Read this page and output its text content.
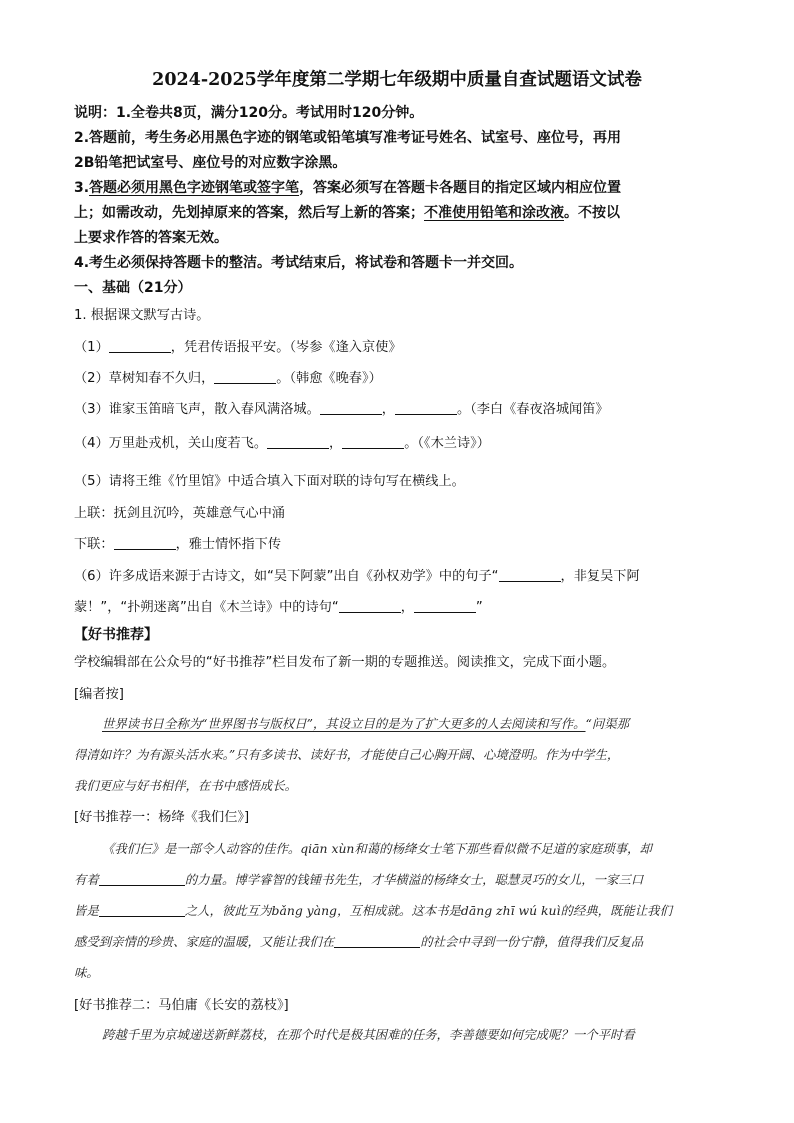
2024-2025学年度第二学期七年级期中质量自查试题语文试卷
说明：1.全卷共8页，满分120分。考试用时120分钟。
2.答题前，考生务必用黑色字迹的钢笔或铅笔填写准考证号姓名、试室号、座位号，再用
2B铅笔把试室号、座位号的对应数字涂黑。
3.答题必须用黑色字迹钢笔或签字笔，答案必须写在答题卡各题目的指定区域内相应位置
上；如需改动，先划掉原来的答案，然后写上新的答案；不准使用铅笔和涂改液。不按以
上要求作答的答案无效。
4.考生必须保持答题卡的整洁。考试结束后，将试卷和答题卡一并交回。
一、基础（21分）
1. 根据课文默写古诗。
（1）	，凭君传语报平安。（岑参《逢入京使》
（2）草树知春不久归，	。（韩愈《晚春》）
（3）谁家玉笛暗飞声，散入春风满洛城。	，	。（李白《春夜洛城闻笛》
（4）万里赴戎机，关山度若飞。	，	。（《木兰诗》）
（5）请将王维《竹里馆》中适合填入下面对联的诗句写在横线上。
上联：抚剑且沉吟，英雄意气心中涌
下联：	，雅士情怀指下传
（6）许多成语来源于古诗文，如“吴下阿蒙”出自《孙权劝学》中的句子“	，非复吴下阿
蒙！”，“扑朔迷离”出自《木兰诗》中的诗句“	，	”
【好书推荐】
学校编辑部在公众号的“好书推荐”栏目发布了新一期的专题推送。阅读推文，完成下面小题。
[编者按]
世界读书日全称为“世界图书与版权日”，其设立目的是为了扩大更多的人去阅读和写作。“问渠那
得清如许？为有源头活水来。”只有多读书、读好书，才能使自己心胸开阔、心境澄明。作为中学生，
我们更应与好书相伴，在书中感悟成长。
[好书推荐一：杨绛《我们仨》]
《我们仨》是一部令人动容的佳作。qiān xùn和蔼的杨绛女士笔下那些看似微不足道的家庭琐事，却
有着	的力量。博学睿智的钱锺书先生，才华横溢的杨绛女士，聪慧灵巧的女儿，一家三口
皆是	之人，彼此互为bǎng yàng，互相成就。这本书是dāng zhī wú kuì的经典，既能让我们
感受到亲情的珍贵、家庭的温暖，又能让我们在	的社会中寻到一份宁静，值得我们反复品
味。
[好书推荐二：马伯庸《长安的荔枝》]
跨越千里为京城递送新鲜荔枝，在那个时代是极其困难的任务，李善德要如何完成呢？一个平时看
